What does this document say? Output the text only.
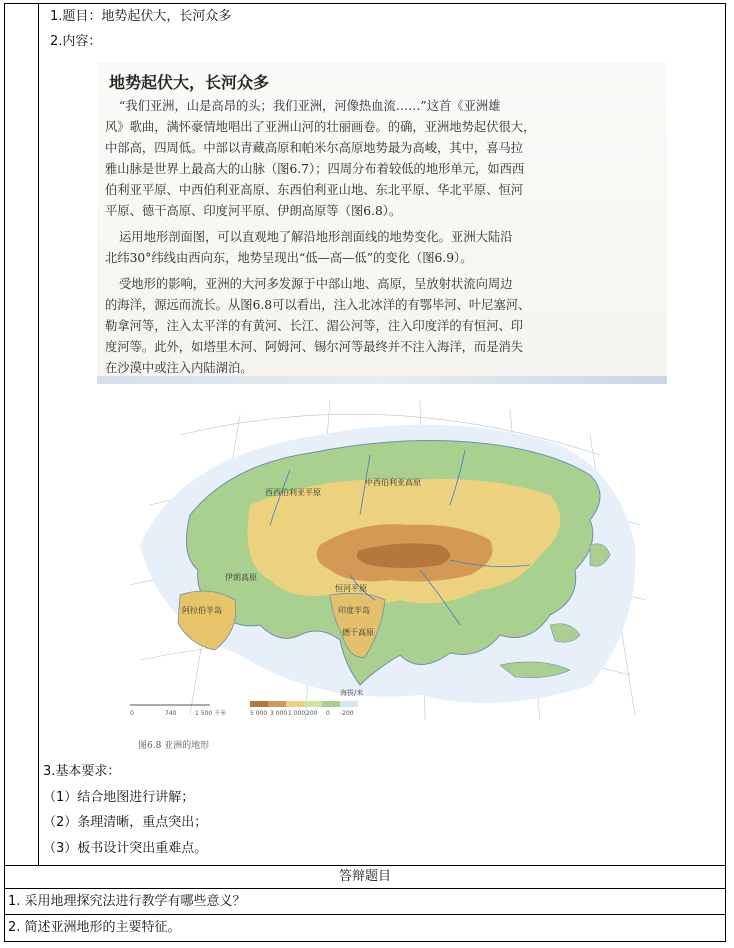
1.题目：地势起伏大，长河众多
2.内容：
地势起伏大，长河众多
“我们亚洲，山是高昂的头；我们亚洲，河像热血流……”这首《亚洲雄
风》歌曲，满怀豪情地唱出了亚洲山河的壮丽画卷。的确，亚洲地势起伏很大，
中部高，四周低。中部以青藏高原和帕米尔高原地势最为高峻，其中，喜马拉
雅山脉是世界上最高大的山脉（图6.7）；四周分布着较低的地形单元，如西西
伯利亚平原、中西伯利亚高原、东西伯利亚山地、东北平原、华北平原、恒河
平原、德干高原、印度河平原、伊朗高原等（图6.8）。
运用地形剖面图，可以直观地了解沿地形剖面线的地势变化。亚洲大陆沿
北纬30°纬线由西向东，地势呈现出“低—高—低”的变化（图6.9）。
受地形的影响，亚洲的大河多发源于中部山地、高原，呈放射状流向周边
的海洋，源远而流长。从图6.8可以看出，注入北冰洋的有鄂毕河、叶尼塞河、
勒拿河等，注入太平洋的有黄河、长江、湄公河等，注入印度洋的有恒河、印
度河等。此外，如塔里木河、阿姆河、锡尔河等最终并不注入海洋，而是消失
在沙漠中或注入内陆湖泊。
西西伯利亚平原
中西伯利亚高原
阿拉伯半岛
伊朗高原
印度半岛
德干高原
恒河平原
海拔/米
5 000 3 000 1 000 200 0 -200
0	740	1 500 千米
图6.8 亚洲的地形
3.基本要求：
（1）结合地图进行讲解；
（2）条理清晰，重点突出；
（3）板书设计突出重难点。
答辩题目
1. 采用地理探究法进行教学有哪些意义？
2. 简述亚洲地形的主要特征。
